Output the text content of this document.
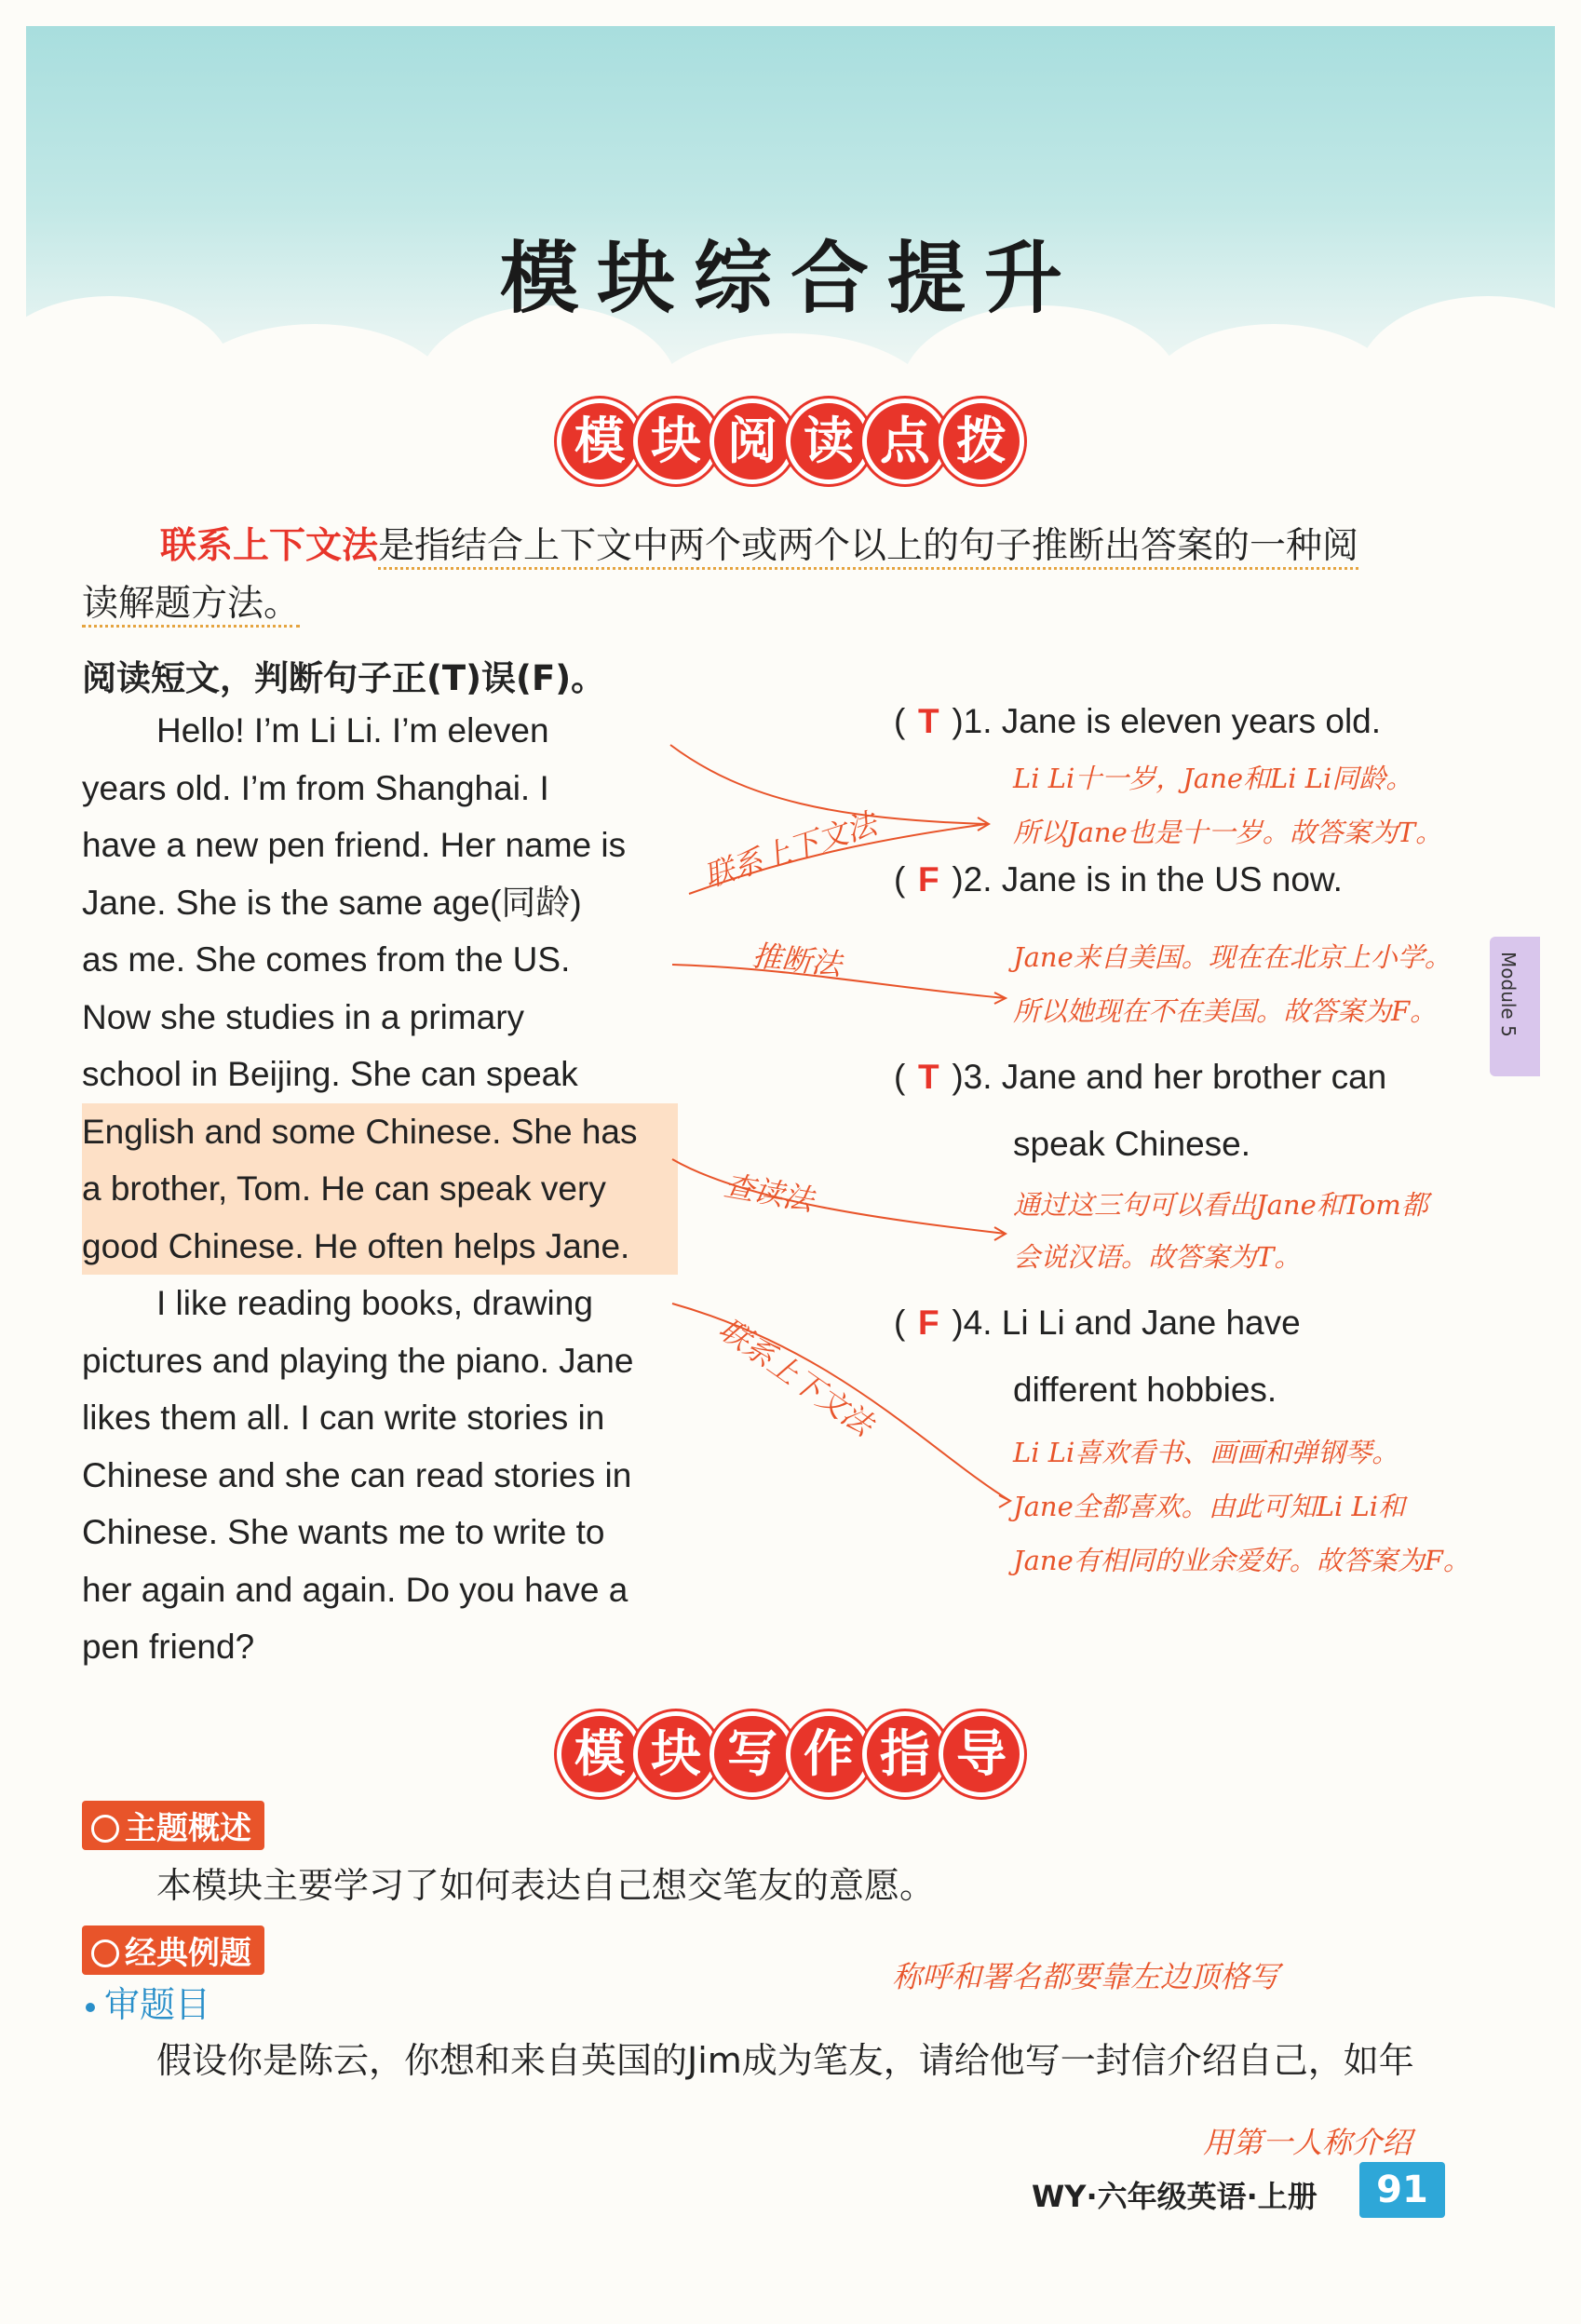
模块综合提升
模 块 阅 读 点 拨
联系上下文法是指结合上下文中两个或两个以上的句子推断出答案的一种阅
读解题方法。
阅读短文，判断句子正(T)误(F)。
Hello! I’m Li Li. I’m eleven
years old. I’m from Shanghai. I
have a new pen friend. Her name is
Jane. She is the same age(同龄)
as me. She comes from the US.
Now she studies in a primary
school in Beijing. She can speak
English and some Chinese. She has
a brother, Tom. He can speak very
good Chinese. He often helps Jane.
I like reading books, drawing
pictures and playing the piano. Jane
likes them all. I can write stories in
Chinese and she can read stories in
Chinese. She wants me to write to
her again and again. Do you have a
pen friend?
( T )1. Jane is eleven years old.
Li Li十一岁，Jane和Li Li同龄。
所以Jane也是十一岁。故答案为T。
( F )2. Jane is in the US now.
Jane来自美国。现在在北京上小学。
所以她现在不在美国。故答案为F。
( T )3. Jane and her brother can
speak Chinese.
通过这三句可以看出Jane和Tom都
会说汉语。故答案为T。
( F )4. Li Li and Jane have
different hobbies.
Li Li喜欢看书、画画和弹钢琴。
Jane全都喜欢。由此可知Li Li和
Jane有相同的业余爱好。故答案为F。
联系上下文法
推断法
查读法
联系上下文法
Module 5
模 块 写 作 指 导
主题概述
本模块主要学习了如何表达自己想交笔友的意愿。
经典例题
审题目
称呼和署名都要靠左边顶格写
假设你是陈云，你想和来自英国的Jim成为笔友，请给他写一封信介绍自己，如年
用第一人称介绍
WY·六年级英语·上册	91
